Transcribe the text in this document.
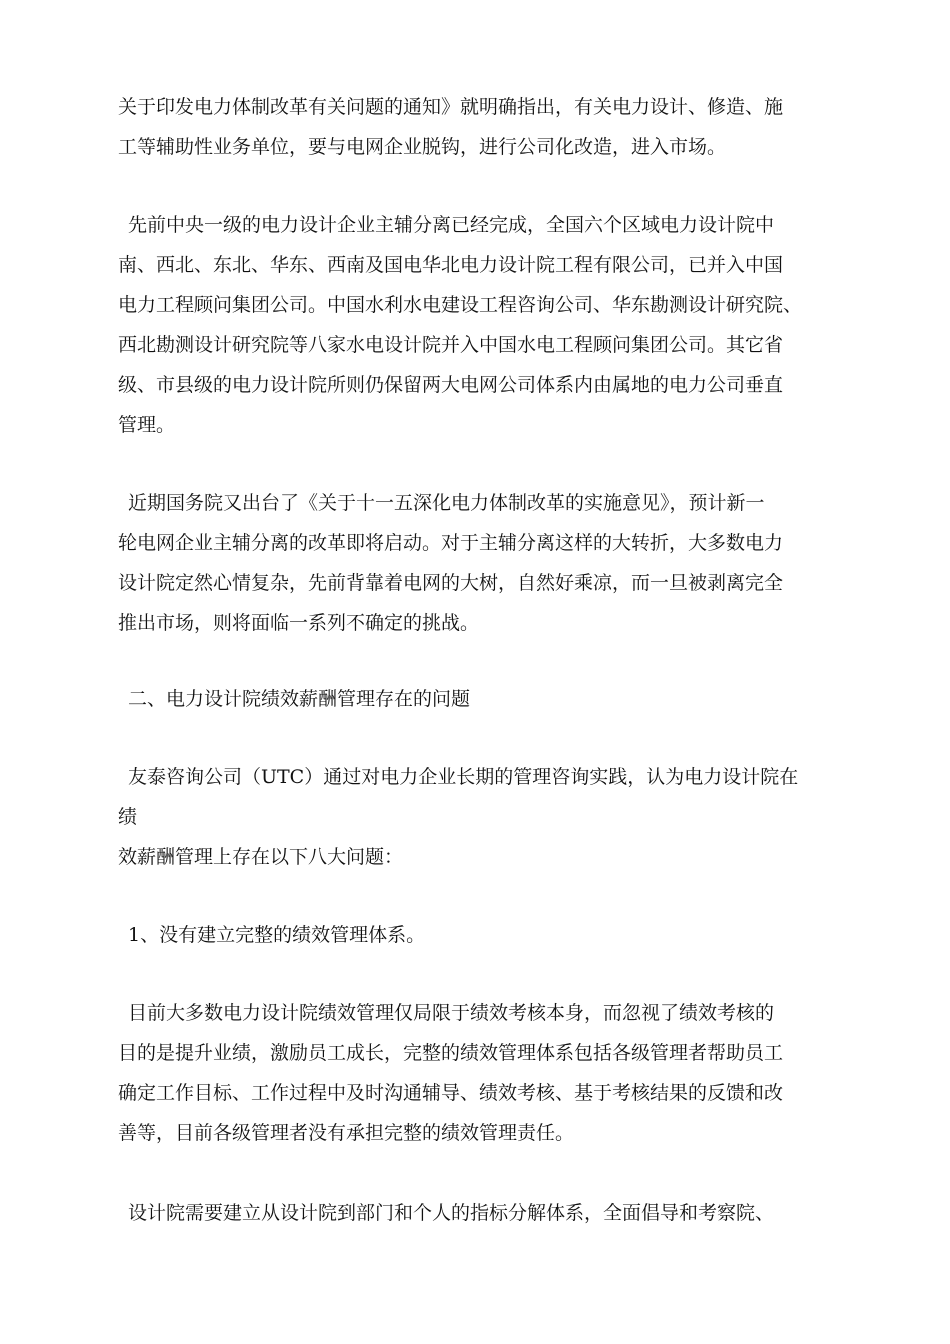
关于印发电力体制改革有关问题的通知》就明确指出，有关电力设计、修造、施
工等辅助性业务单位，要与电网企业脱钩，进行公司化改造，进入市场。
先前中央一级的电力设计企业主辅分离已经完成，全国六个区域电力设计院中
南、西北、东北、华东、西南及国电华北电力设计院工程有限公司，已并入中国
电力工程顾问集团公司。中国水利水电建设工程咨询公司、华东勘测设计研究院、
西北勘测设计研究院等八家水电设计院并入中国水电工程顾问集团公司。其它省
级、市县级的电力设计院所则仍保留两大电网公司体系内由属地的电力公司垂直
管理。
近期国务院又出台了《关于十一五深化电力体制改革的实施意见》，预计新一
轮电网企业主辅分离的改革即将启动。对于主辅分离这样的大转折，大多数电力
设计院定然心情复杂，先前背靠着电网的大树，自然好乘凉，而一旦被剥离完全
推出市场，则将面临一系列不确定的挑战。
二、电力设计院绩效薪酬管理存在的问题
友泰咨询公司（UTC）通过对电力企业长期的管理咨询实践，认为电力设计院在
绩
效薪酬管理上存在以下八大问题：
1、没有建立完整的绩效管理体系。
目前大多数电力设计院绩效管理仅局限于绩效考核本身，而忽视了绩效考核的
目的是提升业绩，激励员工成长，完整的绩效管理体系包括各级管理者帮助员工
确定工作目标、工作过程中及时沟通辅导、绩效考核、基于考核结果的反馈和改
善等，目前各级管理者没有承担完整的绩效管理责任。
设计院需要建立从设计院到部门和个人的指标分解体系，全面倡导和考察院、
